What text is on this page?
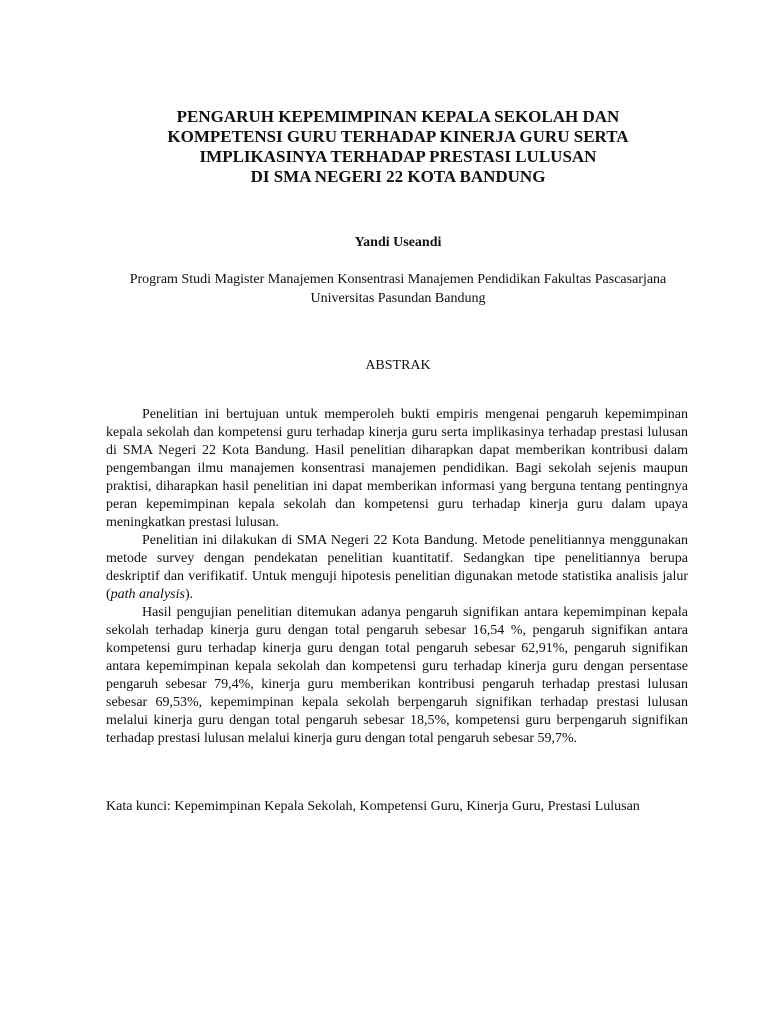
PENGARUH KEPEMIMPINAN KEPALA SEKOLAH DAN
KOMPETENSI GURU TERHADAP KINERJA GURU SERTA
IMPLIKASINYA TERHADAP PRESTASI LULUSAN
DI SMA NEGERI 22 KOTA BANDUNG
Yandi Useandi
Program Studi Magister Manajemen Konsentrasi Manajemen Pendidikan Fakultas Pascasarjana
Universitas Pasundan Bandung
ABSTRAK

Penelitian ini bertujuan untuk memperoleh bukti empiris mengenai pengaruh kepemimpinan kepala sekolah dan kompetensi guru terhadap kinerja guru serta implikasinya terhadap prestasi lulusan di SMA Negeri 22 Kota Bandung. Hasil penelitian diharapkan dapat memberikan kontribusi dalam pengembangan ilmu manajemen konsentrasi manajemen pendidikan. Bagi sekolah sejenis maupun praktisi, diharapkan hasil penelitian ini dapat memberikan informasi yang berguna tentang pentingnya peran kepemimpinan kepala sekolah dan kompetensi guru terhadap kinerja guru dalam upaya meningkatkan prestasi lulusan.

Penelitian ini dilakukan di SMA Negeri 22 Kota Bandung. Metode penelitiannya menggunakan metode survey dengan pendekatan penelitian kuantitatif. Sedangkan tipe penelitiannya berupa deskriptif dan verifikatif. Untuk menguji hipotesis penelitian digunakan metode statistika analisis jalur (path analysis).

Hasil pengujian penelitian ditemukan adanya pengaruh signifikan antara kepemimpinan kepala sekolah terhadap kinerja guru dengan total pengaruh sebesar 16,54 %, pengaruh signifikan antara kompetensi guru terhadap kinerja guru dengan total pengaruh sebesar 62,91%, pengaruh signifikan antara kepemimpinan kepala sekolah dan kompetensi guru terhadap kinerja guru dengan persentase pengaruh sebesar 79,4%, kinerja guru memberikan kontribusi pengaruh terhadap prestasi lulusan sebesar 69,53%, kepemimpinan kepala sekolah berpengaruh signifikan terhadap prestasi lulusan melalui kinerja guru dengan total pengaruh sebesar 18,5%, kompetensi guru berpengaruh signifikan terhadap prestasi lulusan melalui kinerja guru dengan total pengaruh sebesar 59,7%.

Kata kunci: Kepemimpinan Kepala Sekolah, Kompetensi Guru, Kinerja Guru, Prestasi Lulusan
